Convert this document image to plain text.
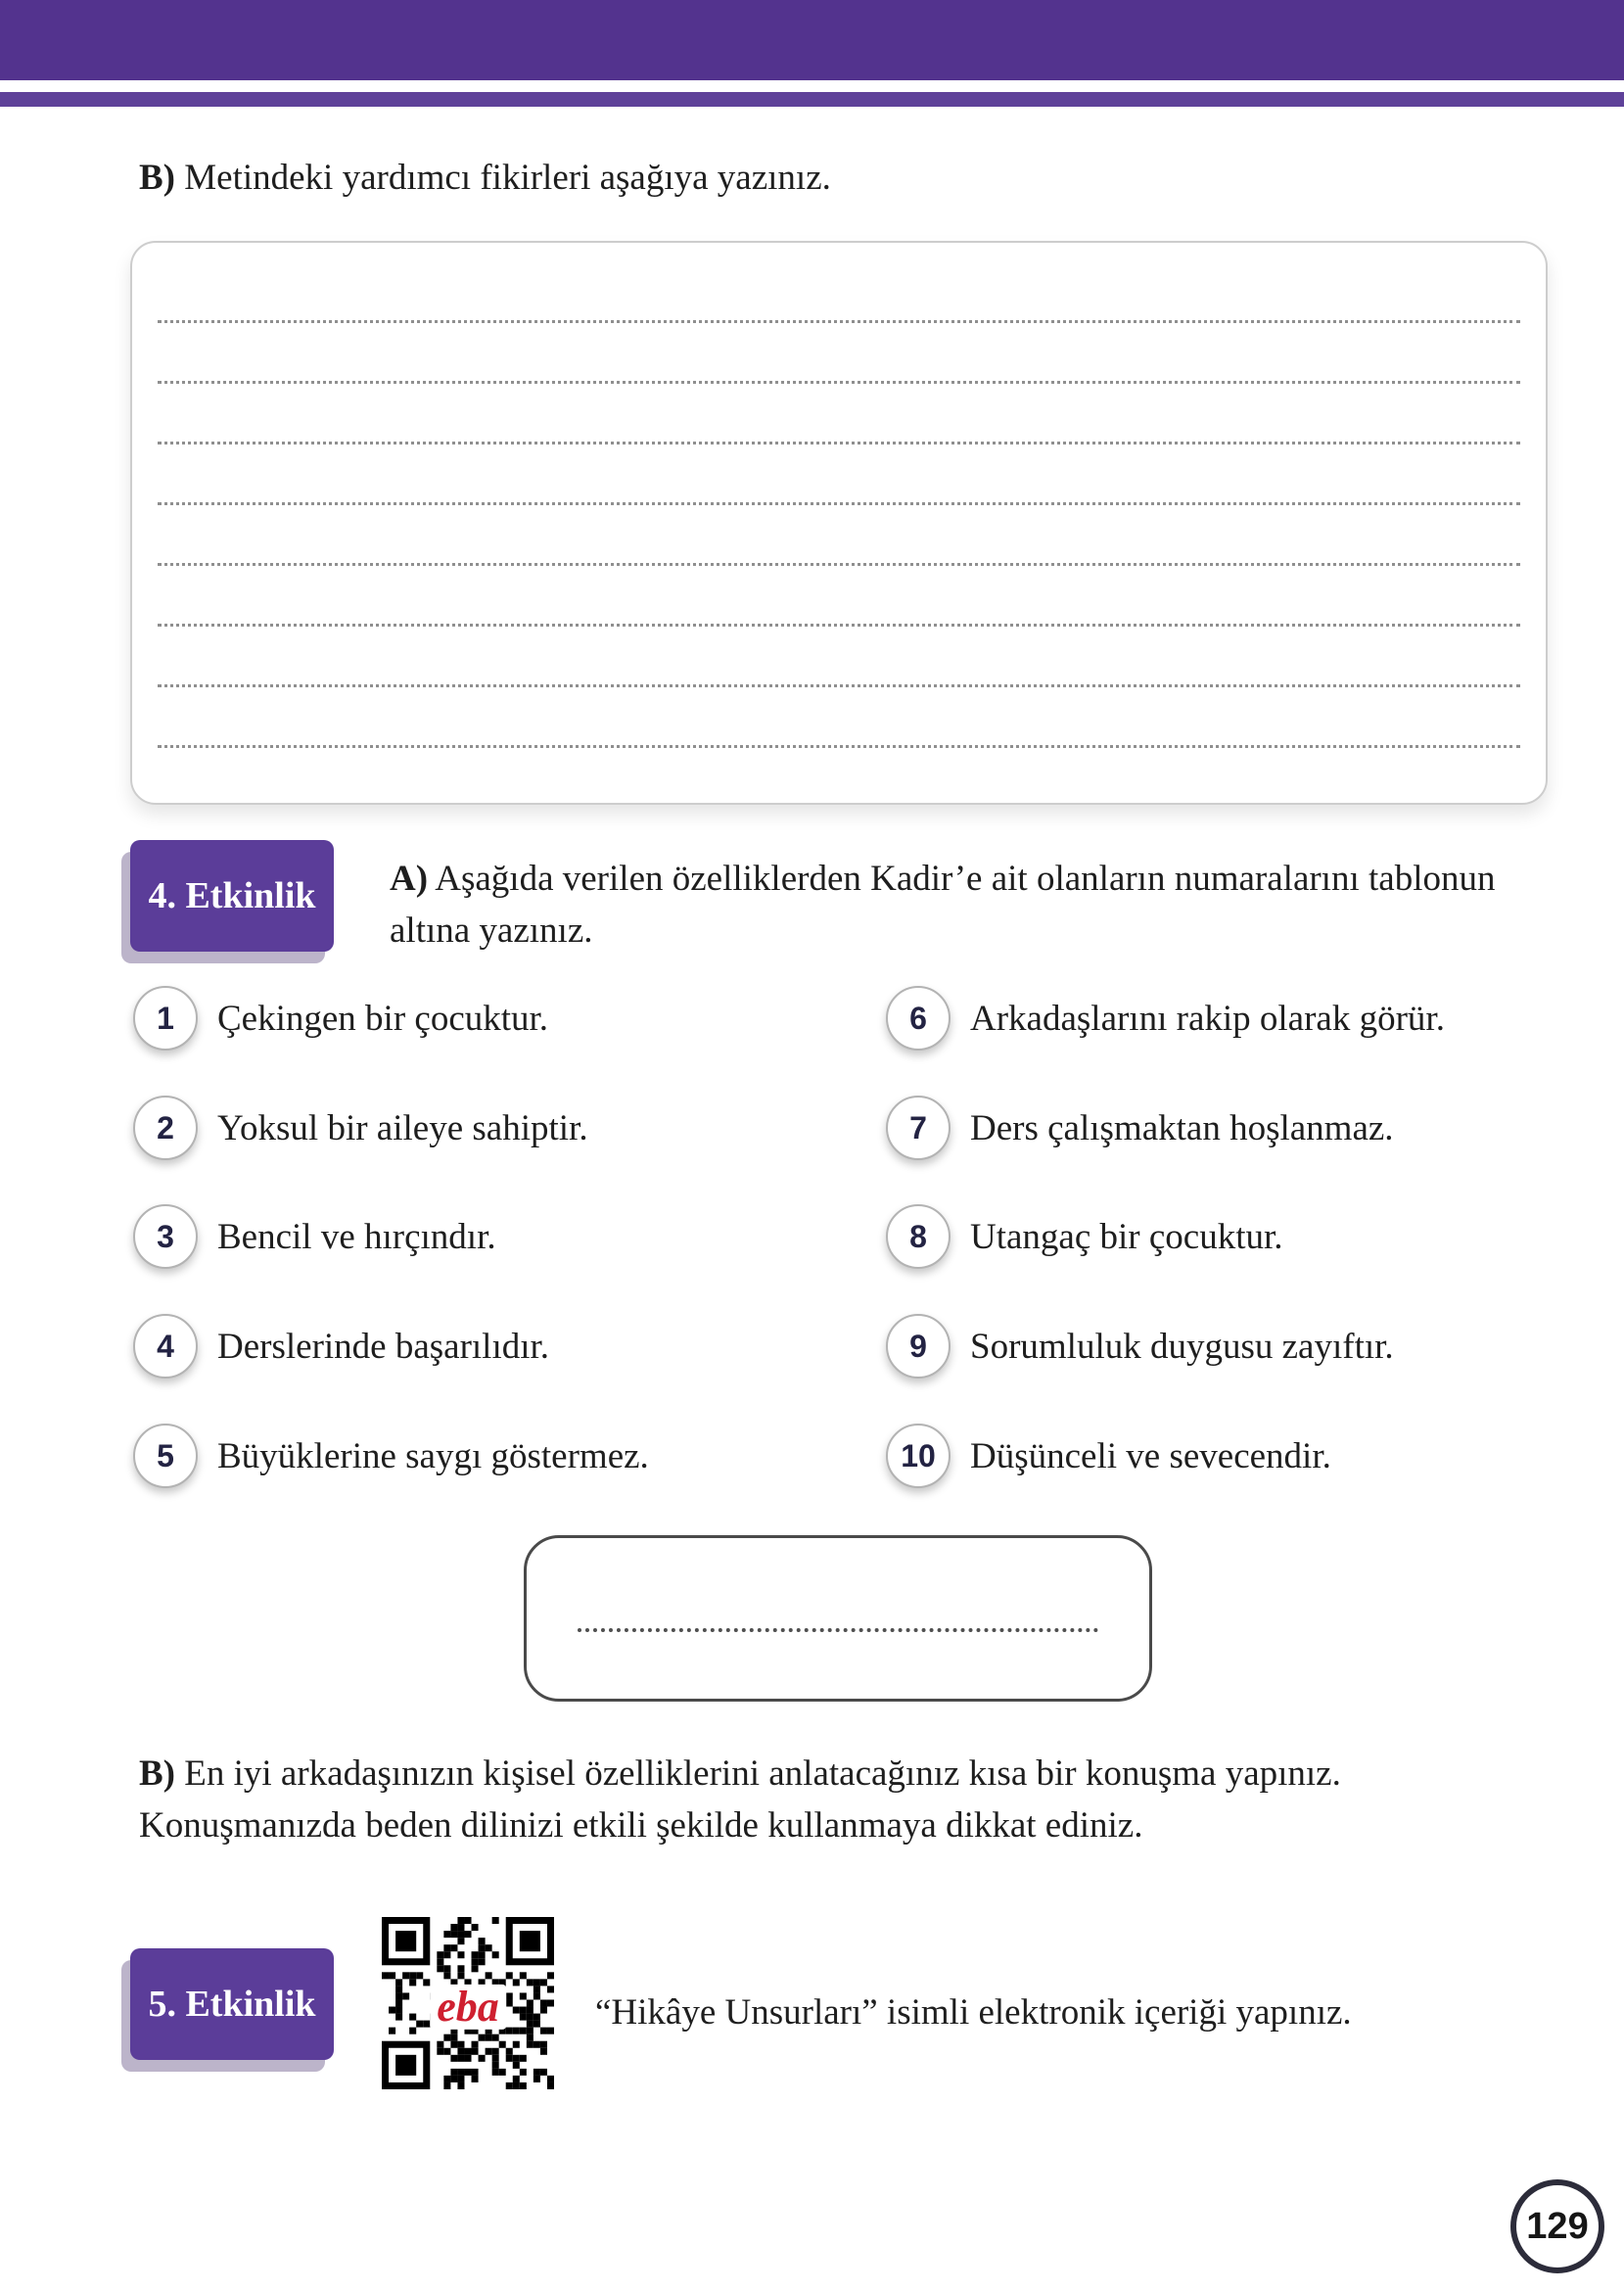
B) Metindeki yardımcı fikirleri aşağıya yazınız.

4. Etkinlik A) Aşağıda verilen özelliklerden Kadir’e ait olanların numaralarını tablonun altına yazınız.

1 Çekingen bir çocuktur.
2 Yoksul bir aileye sahiptir.
3 Bencil ve hırçındır.
4 Derslerinde başarılıdır.
5 Büyüklerine saygı göstermez.
6 Arkadaşlarını rakip olarak görür.
7 Ders çalışmaktan hoşlanmaz.
8 Utangaç bir çocuktur.
9 Sorumluluk duygusu zayıftır.
10 Düşünceli ve sevecendir.

B) En iyi arkadaşınızın kişisel özelliklerini anlatacağınız kısa bir konuşma yapınız. Konuşmanızda beden dilinizi etkili şekilde kullanmaya dikkat ediniz.

5. Etkinlik	eba	“Hikâye Unsurları” isimli elektronik içeriği yapınız.

129
